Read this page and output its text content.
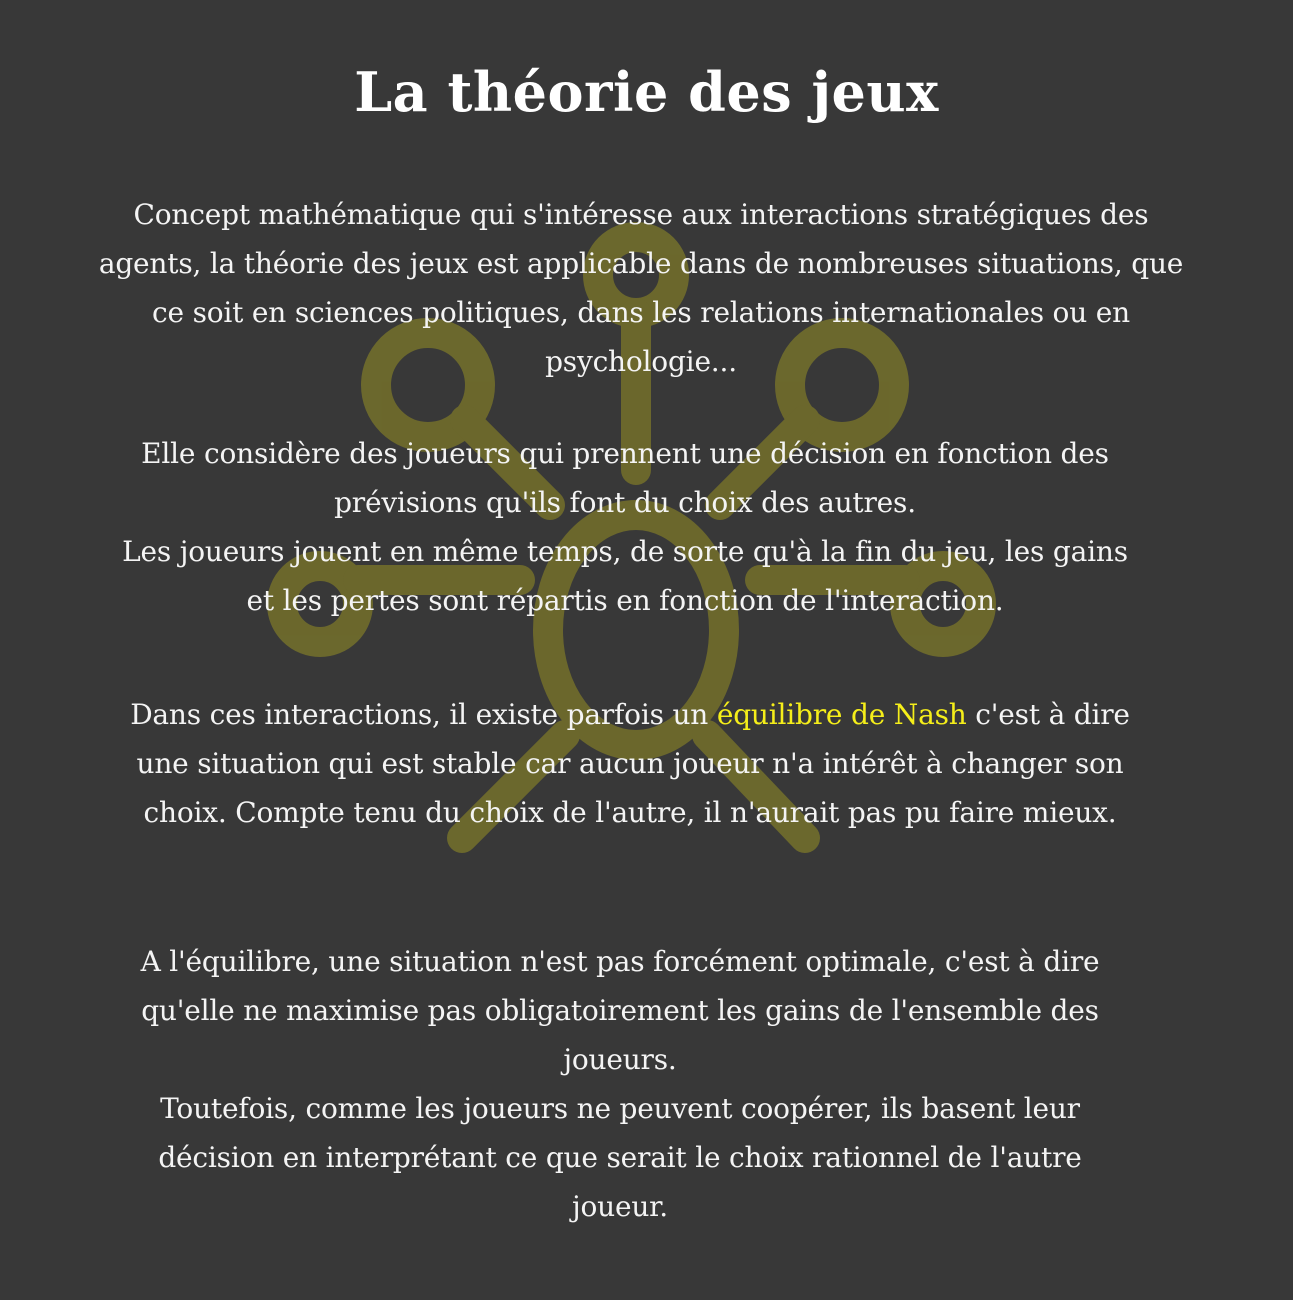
La théorie des jeux

Concept mathématique qui s'intéresse aux interactions stratégiques des agents, la théorie des jeux est applicable dans de nombreuses situations, que ce soit en sciences politiques, dans les relations internationales ou en psychologie...

Elle considère des joueurs qui prennent une décision en fonction des prévisions qu'ils font du choix des autres.
Les joueurs jouent en même temps, de sorte qu'à la fin du jeu, les gains et les pertes sont répartis en fonction de l'interaction.

Dans ces interactions, il existe parfois un équilibre de Nash c'est à dire une situation qui est stable car aucun joueur n'a intérêt à changer son choix. Compte tenu du choix de l'autre, il n'aurait pas pu faire mieux.

A l'équilibre, une situation n'est pas forcément optimale, c'est à dire qu'elle ne maximise pas obligatoirement les gains de l'ensemble des joueurs.
Toutefois, comme les joueurs ne peuvent coopérer, ils basent leur décision en interprétant ce que serait le choix rationnel de l'autre joueur.
